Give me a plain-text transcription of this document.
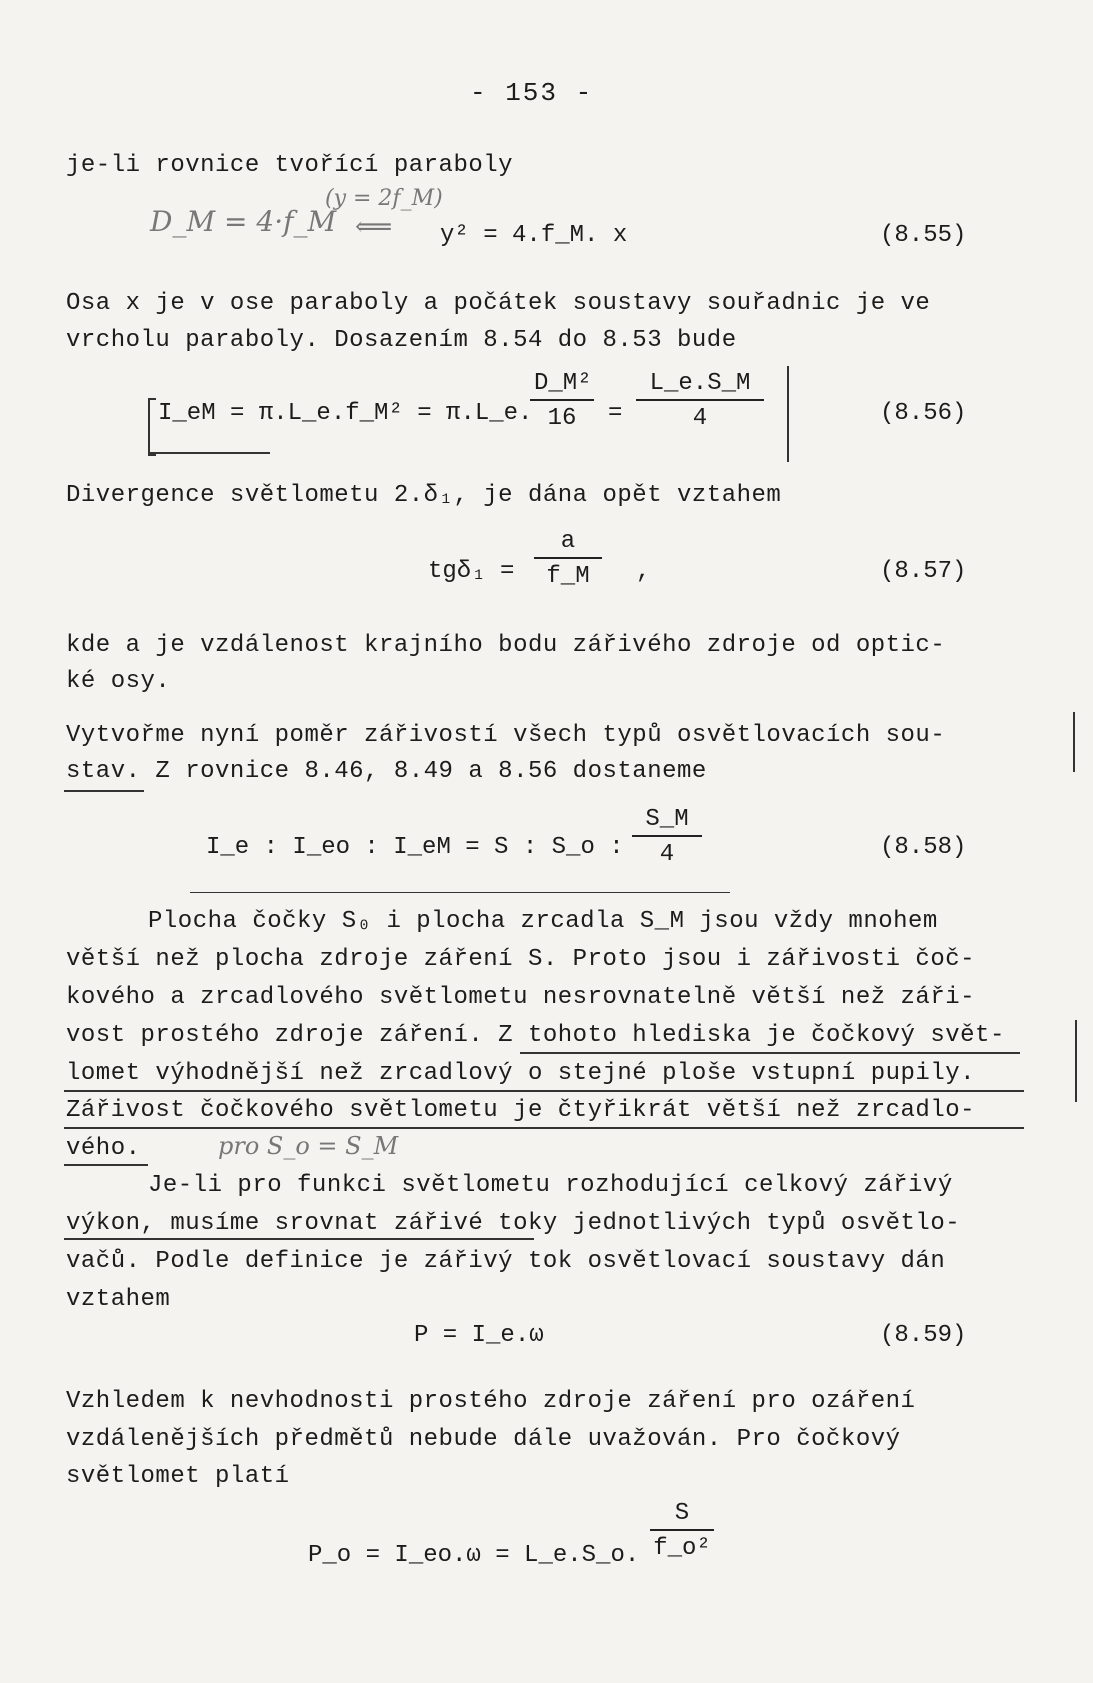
- 153 -
je-li rovnice tvořící paraboly
D_M = 4·f_M
(y = 2f_M)
⟸ y² = 4.f_M. x	(8.55)
Osa x je v ose paraboly a počátek soustavy souřadnic je ve
vrcholu paraboly. Dosazením 8.54 do 8.53 bude
I_eM = π.L_e.f_M² = π.L_e.
$\frac{\text{D\_M²}}{16} = \frac{L\_e.S\_M}{4}$	(8.56)
Divergence světlometu 2.δ₁, je dána opět vztahem
$tg\delta_1 = \frac{a}{f\_M}$ ,	(8.57)
kde a je vzdálenost krajního bodu zářivého zdroje od optic-
ké osy.
Vytvořme nyní poměr zářivostí všech typů osvětlovacích sou-
stav. Z rovnice 8.46, 8.49 a 8.56 dostaneme
I_e : I_eo : I_eM = S : S_o : $\frac{S\_M}{4}$	(8.58)
Plocha čočky S₀ i plocha zrcadla S_M jsou vždy mnohem
větší než plocha zdroje záření S. Proto jsou i zářivosti čoč-
kového a zrcadlového světlometu nesrovnatelně větší než záři-
vost prostého zdroje záření. Z tohoto hlediska je čočkový svět-
lomet výhodnější než zrcadlový o stejné ploše vstupní pupily.
Zářivost čočkového světlometu je čtyřikrát větší než zrcadlo-
vého.	pro S_o = S_M
Je-li pro funkci světlometu rozhodující celkový zářivý
výkon, musíme srovnat zářivé toky jednotlivých typů osvětlo-
vačů. Podle definice je zářivý tok osvětlovací soustavy dán
vztahem
P = I_e.ω	(8.59)
Vzhledem k nevhodnosti prostého zdroje záření pro ozáření
vzdálenějších předmětů nebude dále uvažován. Pro čočkový
světlomet platí
P_o = I_eo.ω = L_e.S_o. $\frac{S}{\text{f\_o²}}$
